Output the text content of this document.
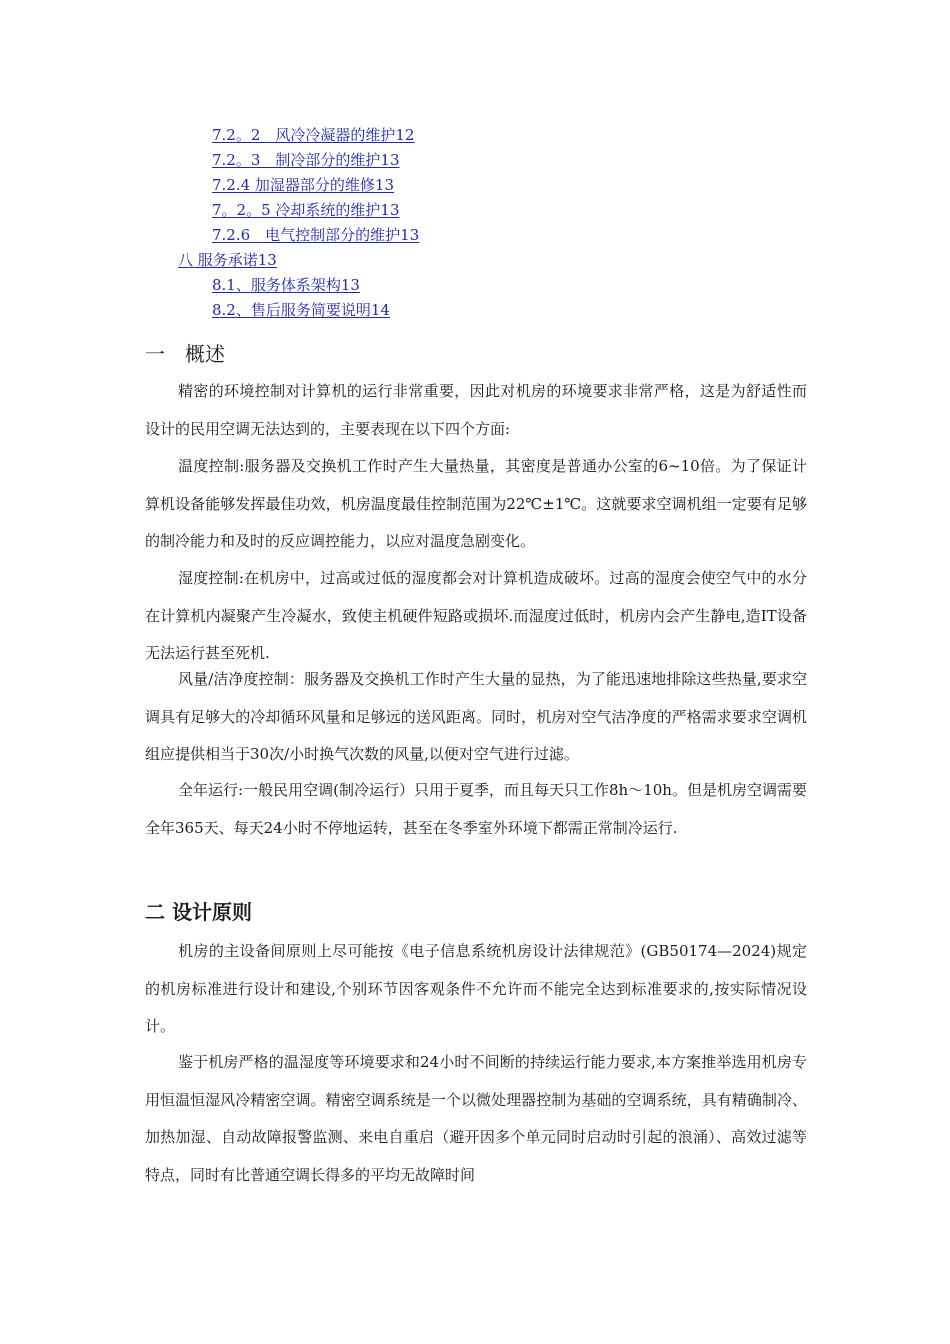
7.2。2　风冷冷凝器的维护12
7.2。3　制冷部分的维护13
7.2.4 加湿器部分的维修13
7。2。5 冷却系统的维护13
7.2.6　电气控制部分的维护13
八 服务承诺13
8.1、服务体系架构13
8.2、售后服务简要说明14
一　概述

精密的环境控制对计算机的运行非常重要，因此对机房的环境要求非常严格，这是为舒适性而设计的民用空调无法达到的，主要表现在以下四个方面:

温度控制:服务器及交换机工作时产生大量热量，其密度是普通办公室的6~10倍。为了保证计算机设备能够发挥最佳功效，机房温度最佳控制范围为22℃±1℃。这就要求空调机组一定要有足够的制冷能力和及时的反应调控能力，以应对温度急剧变化。

湿度控制:在机房中，过高或过低的湿度都会对计算机造成破坏。过高的湿度会使空气中的水分在计算机内凝聚产生冷凝水，致使主机硬件短路或损坏.而湿度过低时，机房内会产生静电,造IT设备无法运行甚至死机.

风量/洁净度控制：服务器及交换机工作时产生大量的显热，为了能迅速地排除这些热量,要求空调具有足够大的冷却循环风量和足够远的送风距离。同时，机房对空气洁净度的严格需求要求空调机组应提供相当于30次/小时换气次数的风量,以便对空气进行过滤。

全年运行:一般民用空调(制冷运行）只用于夏季，而且每天只工作8h～10h。但是机房空调需要全年365天、每天24小时不停地运转，甚至在冬季室外环境下都需正常制冷运行.

二 设计原则

机房的主设备间原则上尽可能按《电子信息系统机房设计法律规范》(GB50174—2024)规定的机房标准进行设计和建设,个别环节因客观条件不允许而不能完全达到标准要求的,按实际情况设计。

鉴于机房严格的温湿度等环境要求和24小时不间断的持续运行能力要求,本方案推举选用机房专用恒温恒湿风冷精密空调。精密空调系统是一个以微处理器控制为基础的空调系统，具有精确制冷、加热加湿、自动故障报警监测、来电自重启（避开因多个单元同时启动时引起的浪涌）、高效过滤等特点，同时有比普通空调长得多的平均无故障时间
